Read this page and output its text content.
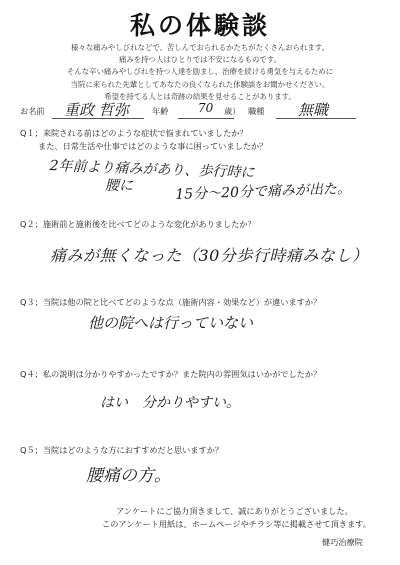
私の体験談
様々な痛みやしびれなどで、苦しんでおられるかたちがたくさんおられます。
痛みを持つ人はひとりでは不安になるものです。
そんな辛い痛みやしびれを持つ人達を励まし、治療を続ける勇気を与えるために
当院に来られた先輩としてあなたの良くなられた体験談をお聞かせください。
希望を持てる人とは奇跡の結果を見せることがあります。
お名前 重政 哲弥	年齢 70 歳） 職種 無職
Q１；来院される前はどのような症状で悩まれていましたか？
また、日常生活や仕事ではどのような事に困っていましたか？
2年前より痛みがあり、歩行時に
腰に	15分～20分で痛みが出た。
Q２；施術前と施術後を比べてどのような変化がありましたか？
痛みが無くなった（30分歩行時痛みなし）
Q３；当院は他の院と比べてどのような点（施術内容・効果など）が違いますか？
他の院へは行っていない
Q４；私の説明は分かりやすかったですか？また院内の雰囲気はいかがでしたか？
はい　分かりやすい。
Q５；当院はどのような方におすすめだと思いますか？
腰痛の方。
アンケートにご協力頂きまして、誠にありがとうございました。
このアンケート用紙は、ホームページやチラシ等に掲載させて頂きます。
健巧治療院
